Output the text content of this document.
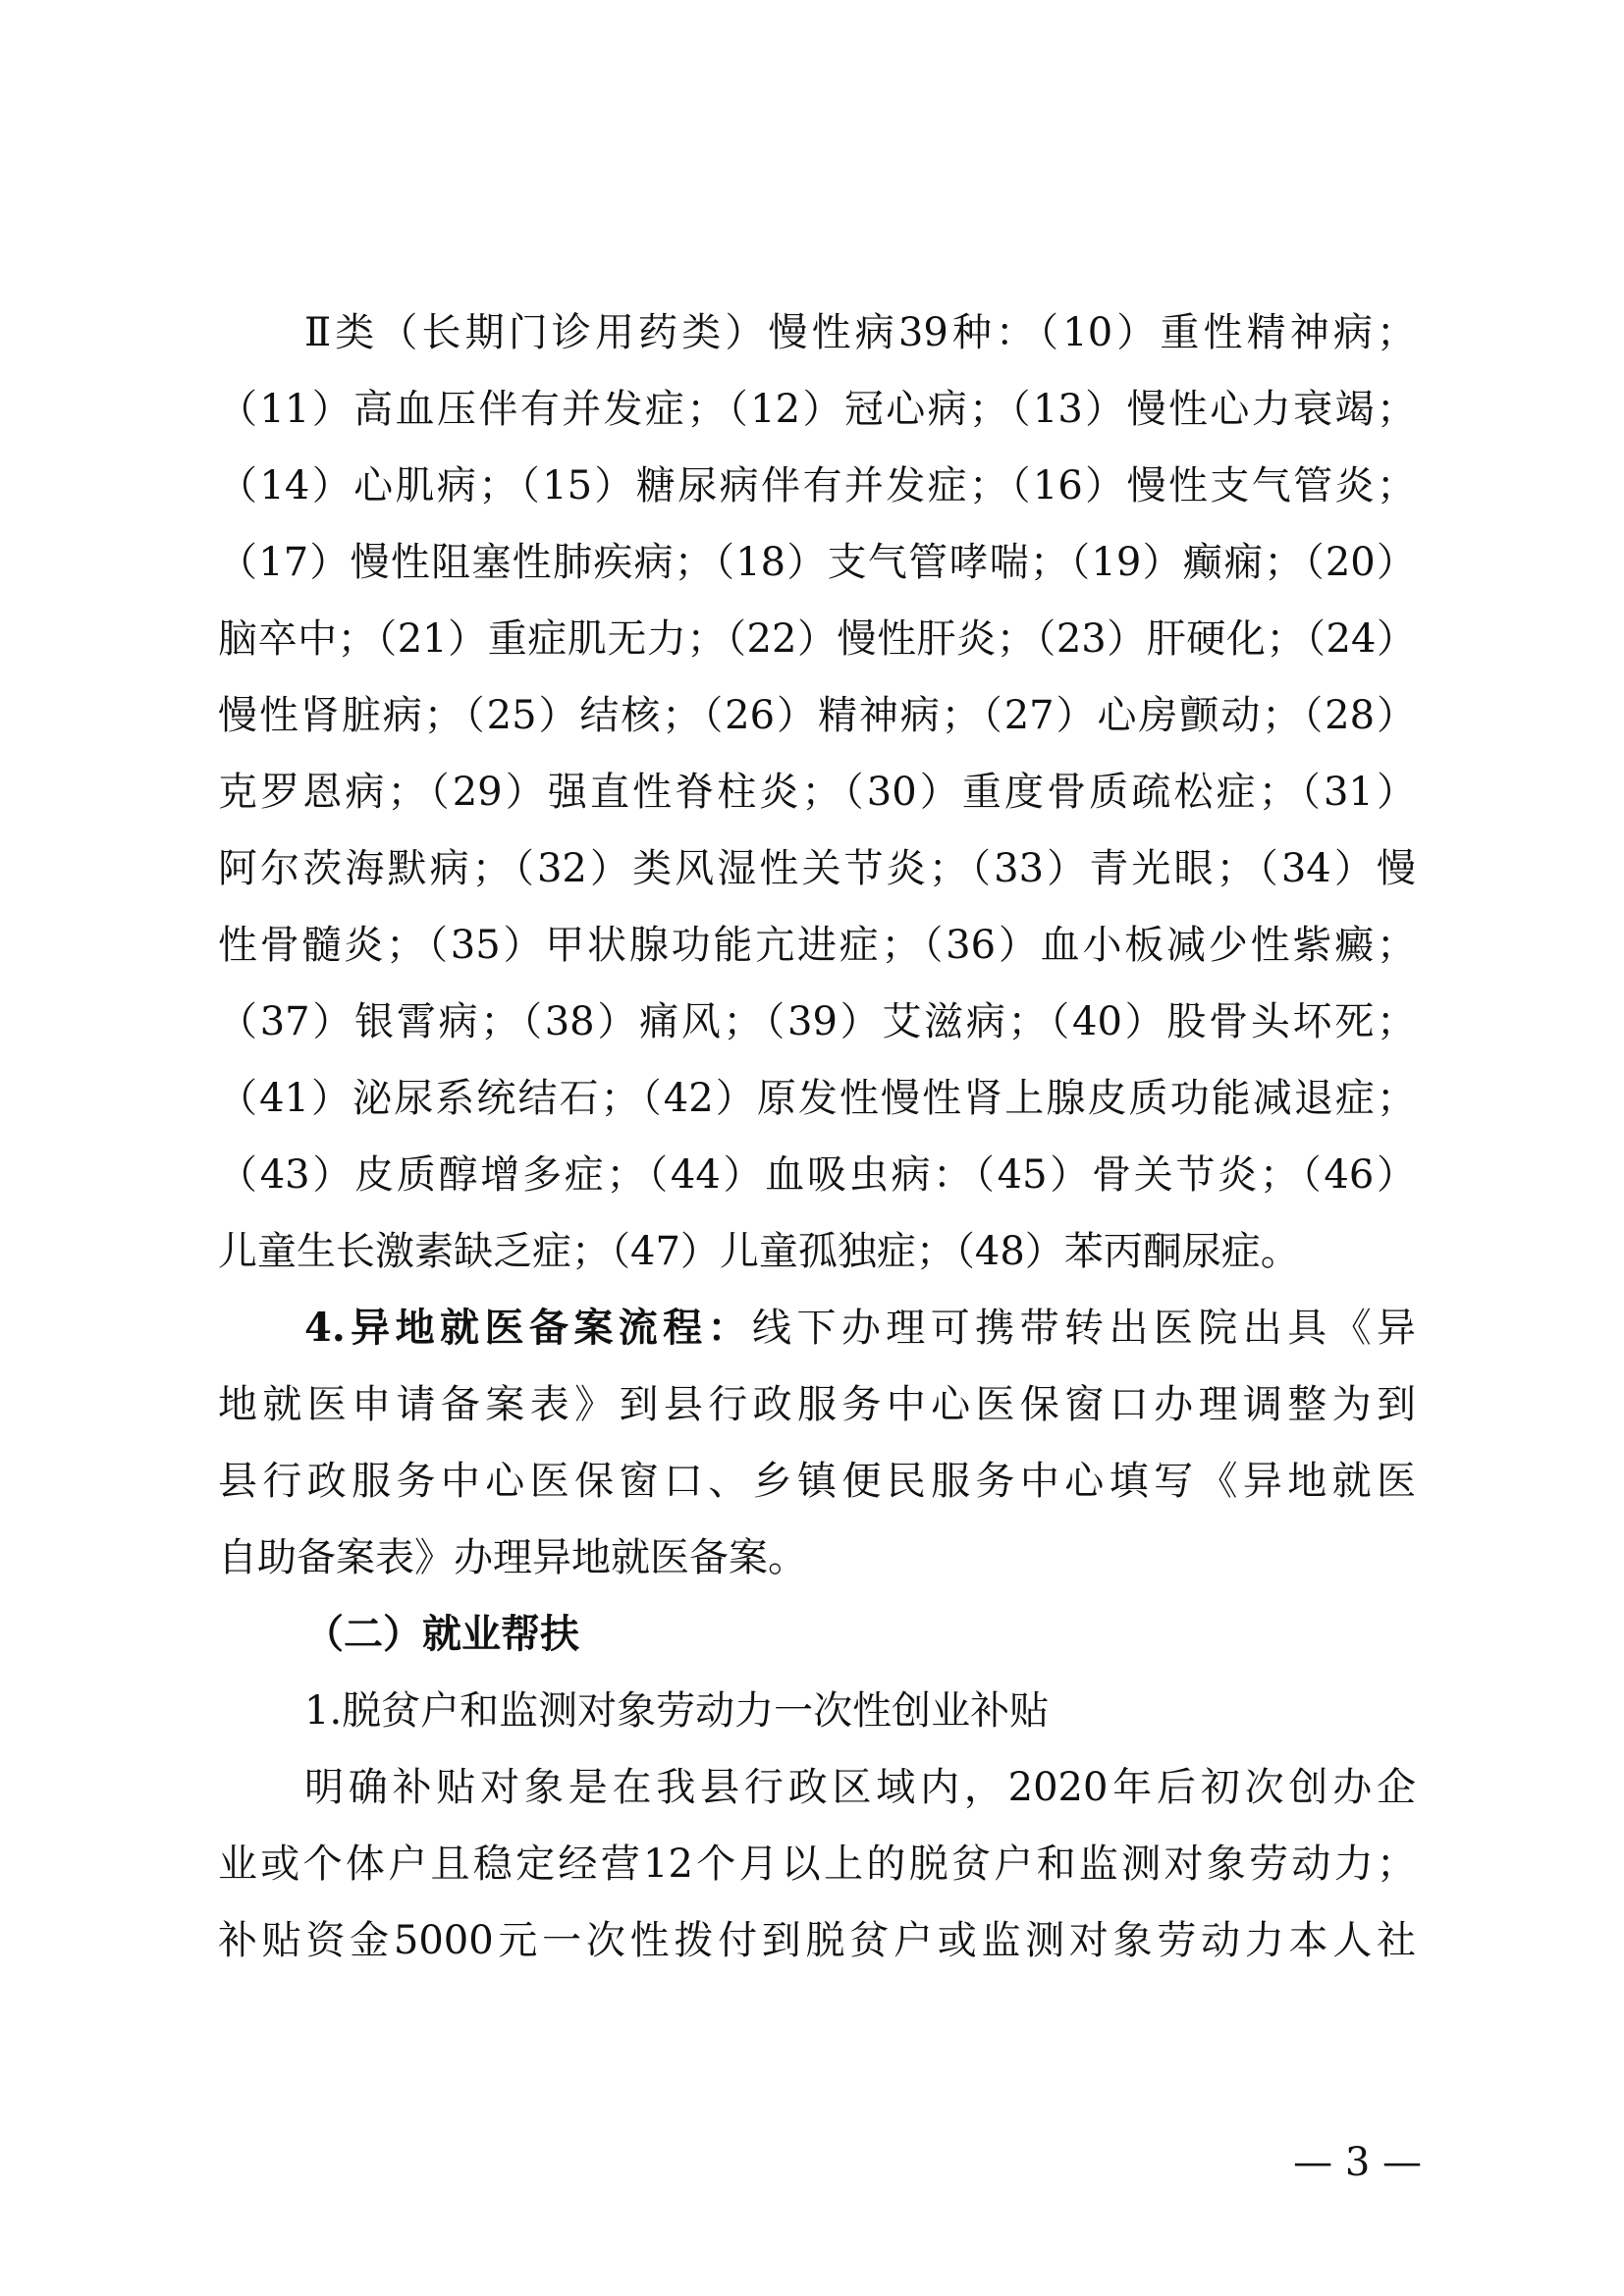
Ⅱ类（长期门诊用药类）慢性病39种：（10）重性精神病；
（11）高血压伴有并发症；（12）冠心病；（13）慢性心力衰竭；
（14）心肌病；（15）糖尿病伴有并发症；（16）慢性支气管炎；
（17）慢性阻塞性肺疾病；（18）支气管哮喘；（19）癫痫；（20）
脑卒中；（21）重症肌无力；（22）慢性肝炎；（23）肝硬化；（24）
慢性肾脏病；（25）结核；（26）精神病；（27）心房颤动；（28）
克罗恩病；（29）强直性脊柱炎；（30）重度骨质疏松症；（31）
阿尔茨海默病；（32）类风湿性关节炎；（33）青光眼；（34）慢
性骨髓炎；（35）甲状腺功能亢进症；（36）血小板减少性紫癜；
（37）银霄病；（38）痛风；（39）艾滋病；（40）股骨头坏死；
（41）泌尿系统结石；（42）原发性慢性肾上腺皮质功能减退症；
（43）皮质醇增多症；（44）血吸虫病：（45）骨关节炎；（46）
儿童生长激素缺乏症；（47）儿童孤独症；（48）苯丙酮尿症。
4.异地就医备案流程：线下办理可携带转出医院出具《异
地就医申请备案表》到县行政服务中心医保窗口办理调整为到
县行政服务中心医保窗口、乡镇便民服务中心填写《异地就医
自助备案表》办理异地就医备案。
（二）就业帮扶
1.脱贫户和监测对象劳动力一次性创业补贴
明确补贴对象是在我县行政区域内，2020年后初次创办企
业或个体户且稳定经营12个月以上的脱贫户和监测对象劳动力；
补贴资金5000元一次性拨付到脱贫户或监测对象劳动力本人社
— 3 —
